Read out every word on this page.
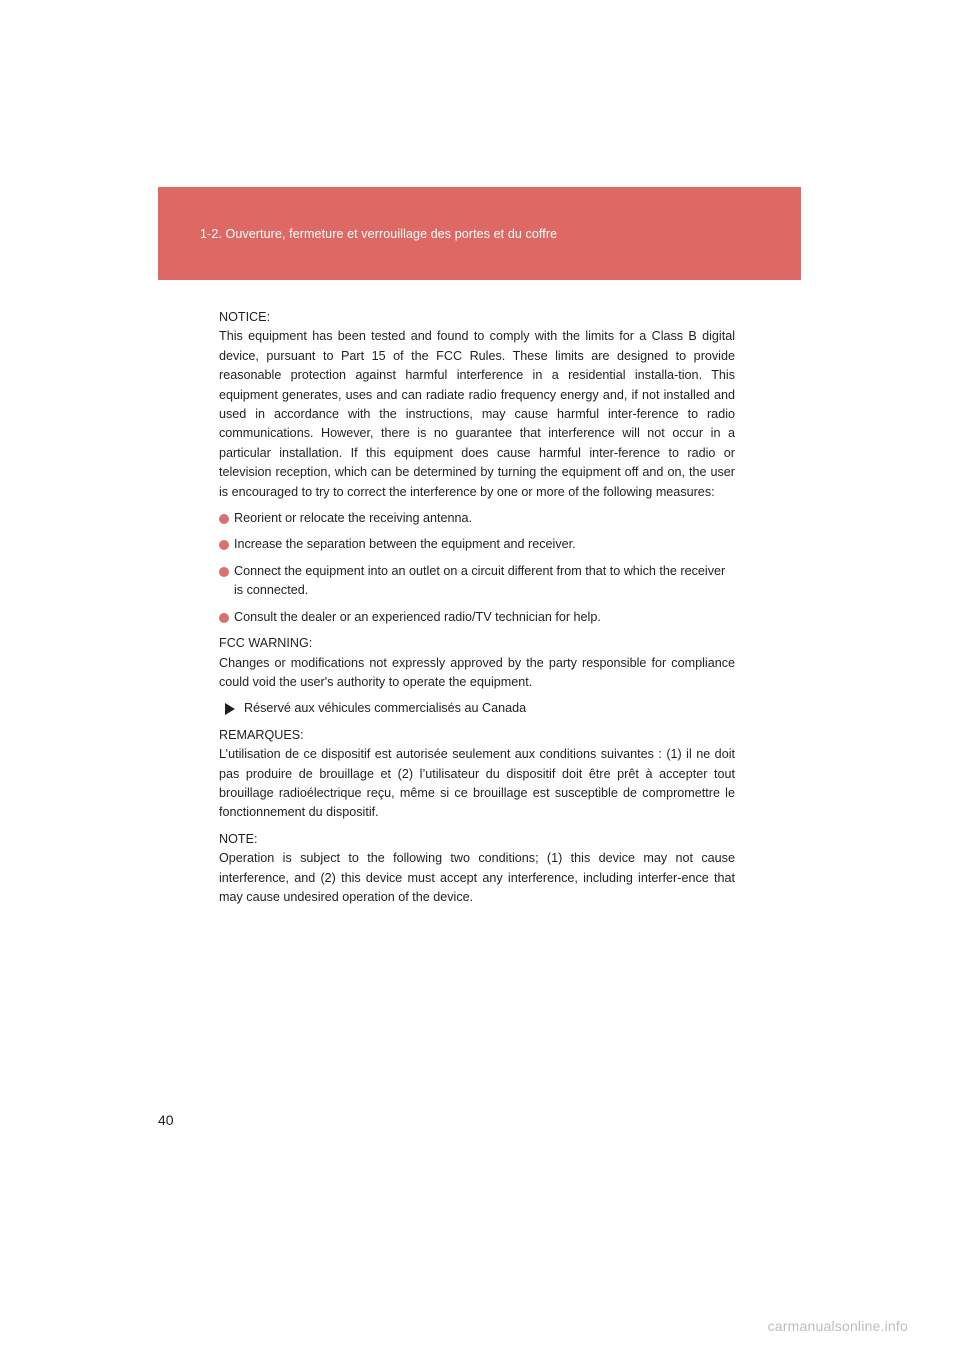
1-2. Ouverture, fermeture et verrouillage des portes et du coffre

NOTICE:

This equipment has been tested and found to comply with the limits for a Class B digital device, pursuant to Part 15 of the FCC Rules. These limits are designed to provide reasonable protection against harmful interference in a residential installa-tion. This equipment generates, uses and can radiate radio frequency energy and, if not installed and used in accordance with the instructions, may cause harmful inter-ference to radio communications. However, there is no guarantee that interference will not occur in a particular installation. If this equipment does cause harmful inter-ference to radio or television reception, which can be determined by turning the equipment off and on, the user is encouraged to try to correct the interference by one or more of the following measures:

Reorient or relocate the receiving antenna.
Increase the separation between the equipment and receiver.
Connect the equipment into an outlet on a circuit different from that to which the receiver is connected.
Consult the dealer or an experienced radio/TV technician for help.

FCC WARNING:

Changes or modifications not expressly approved by the party responsible for compliance could void the user's authority to operate the equipment.

Réservé aux véhicules commercialisés au Canada

REMARQUES:

L’utilisation de ce dispositif est autorisée seulement aux conditions suivantes : (1) il ne doit pas produire de brouillage et (2) l’utilisateur du dispositif doit être prêt à accepter tout brouillage radioélectrique reçu, même si ce brouillage est susceptible de compromettre le fonctionnement du dispositif.

NOTE:

Operation is subject to the following two conditions; (1) this device may not cause interference, and (2) this device must accept any interference, including interfer-ence that may cause undesired operation of the device.

40
carmanualsonline.info
